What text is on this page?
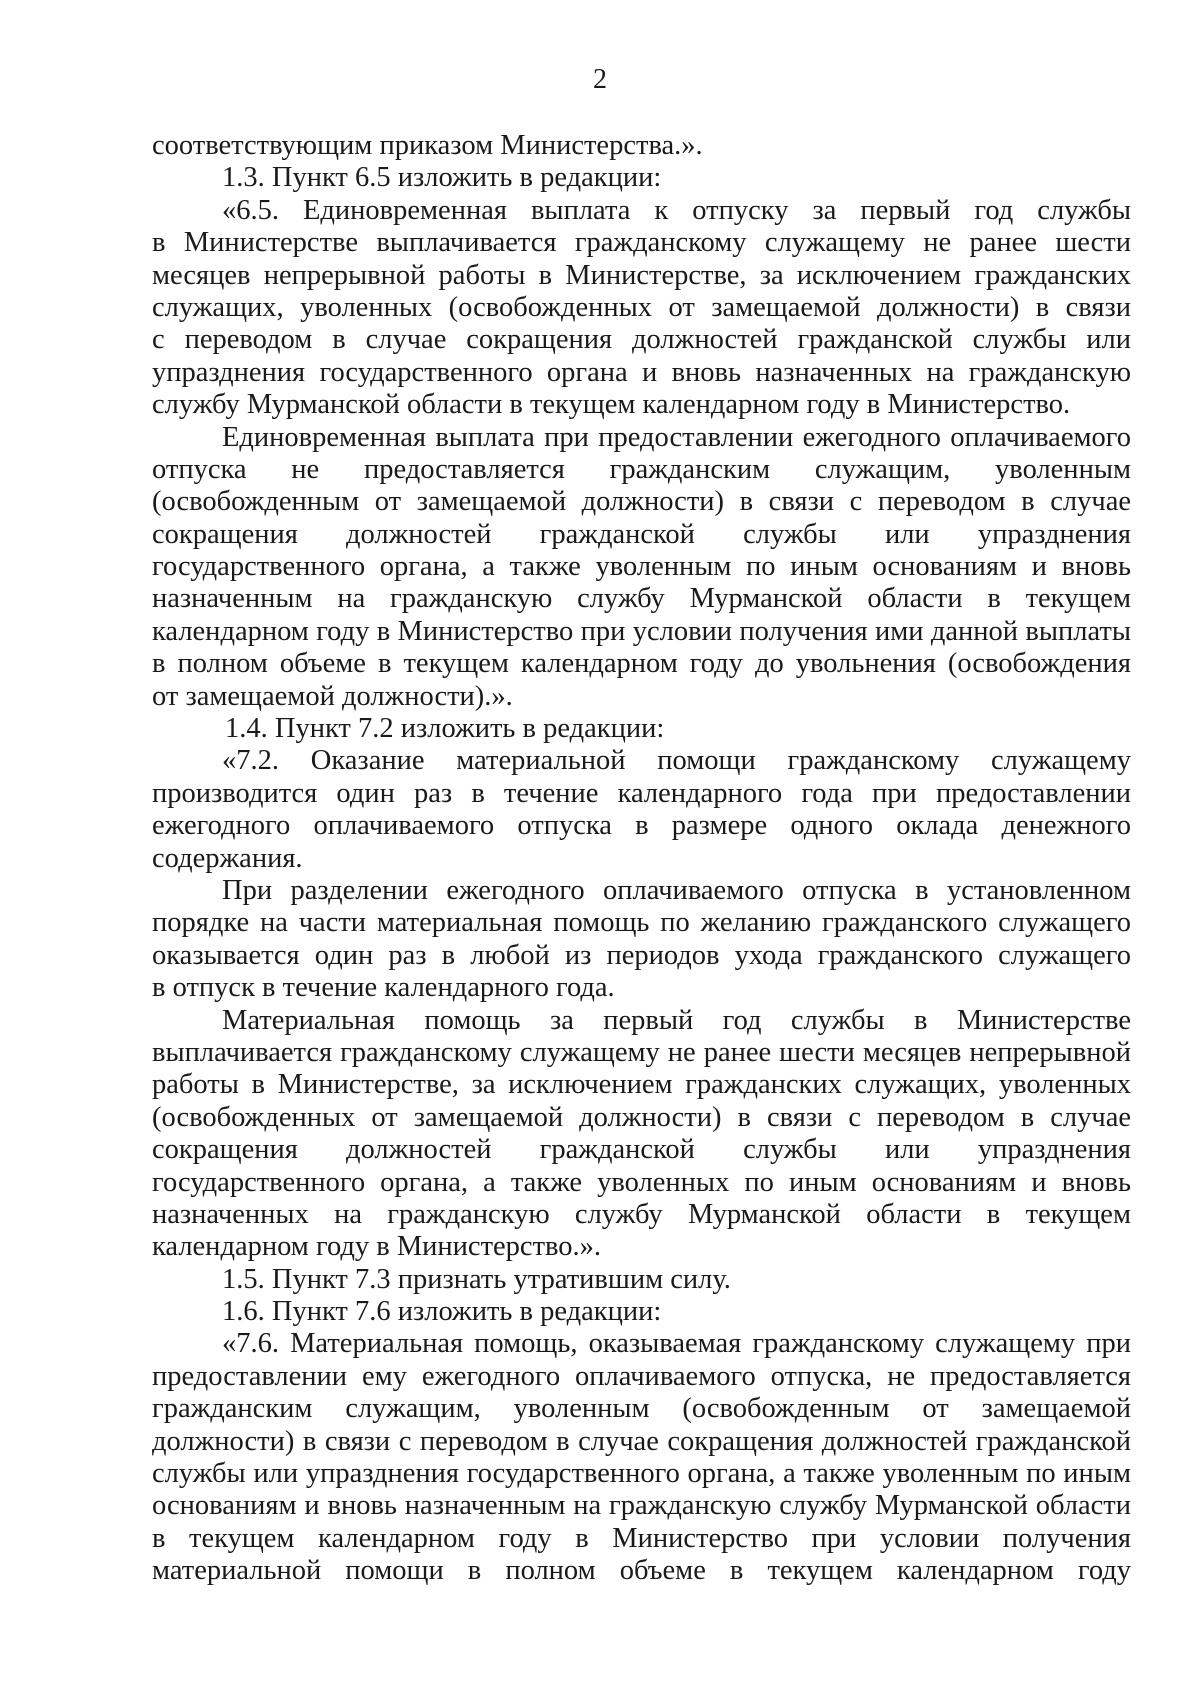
2
соответствующим приказом Министерства.».
1.3. Пункт 6.5 изложить в редакции:
«6.5. Единовременная выплата к отпуску за первый год службы
в Министерстве выплачивается гражданскому служащему не ранее шести
месяцев непрерывной работы в Министерстве, за исключением гражданских
служащих, уволенных (освобожденных от замещаемой должности) в связи
с переводом в случае сокращения должностей гражданской службы или
упразднения государственного органа и вновь назначенных на гражданскую
службу Мурманской области в текущем календарном году в Министерство.
Единовременная выплата при предоставлении ежегодного оплачиваемого
отпуска не предоставляется гражданским служащим, уволенным
(освобожденным от замещаемой должности) в связи с переводом в случае
сокращения должностей гражданской службы или упразднения
государственного органа, а также уволенным по иным основаниям и вновь
назначенным на гражданскую службу Мурманской области в текущем
календарном году в Министерство при условии получения ими данной выплаты
в полном объеме в текущем календарном году до увольнения (освобождения
от замещаемой должности).».
1.4. Пункт 7.2 изложить в редакции:
«7.2. Оказание материальной помощи гражданскому служащему
производится один раз в течение календарного года при предоставлении
ежегодного оплачиваемого отпуска в размере одного оклада денежного
содержания.
При разделении ежегодного оплачиваемого отпуска в установленном
порядке на части материальная помощь по желанию гражданского служащего
оказывается один раз в любой из периодов ухода гражданского служащего
в отпуск в течение календарного года.
Материальная помощь за первый год службы в Министерстве
выплачивается гражданскому служащему не ранее шести месяцев непрерывной
работы в Министерстве, за исключением гражданских служащих, уволенных
(освобожденных от замещаемой должности) в связи с переводом в случае
сокращения должностей гражданской службы или упразднения
государственного органа, а также уволенных по иным основаниям и вновь
назначенных на гражданскую службу Мурманской области в текущем
календарном году в Министерство.».
1.5. Пункт 7.3 признать утратившим силу.
1.6. Пункт 7.6 изложить в редакции:
«7.6. Материальная помощь, оказываемая гражданскому служащему при
предоставлении ему ежегодного оплачиваемого отпуска, не предоставляется
гражданским служащим, уволенным (освобожденным от замещаемой
должности) в связи с переводом в случае сокращения должностей гражданской
службы или упразднения государственного органа, а также уволенным по иным
основаниям и вновь назначенным на гражданскую службу Мурманской области
в текущем календарном году в Министерство при условии получения
материальной помощи в полном объеме в текущем календарном году
